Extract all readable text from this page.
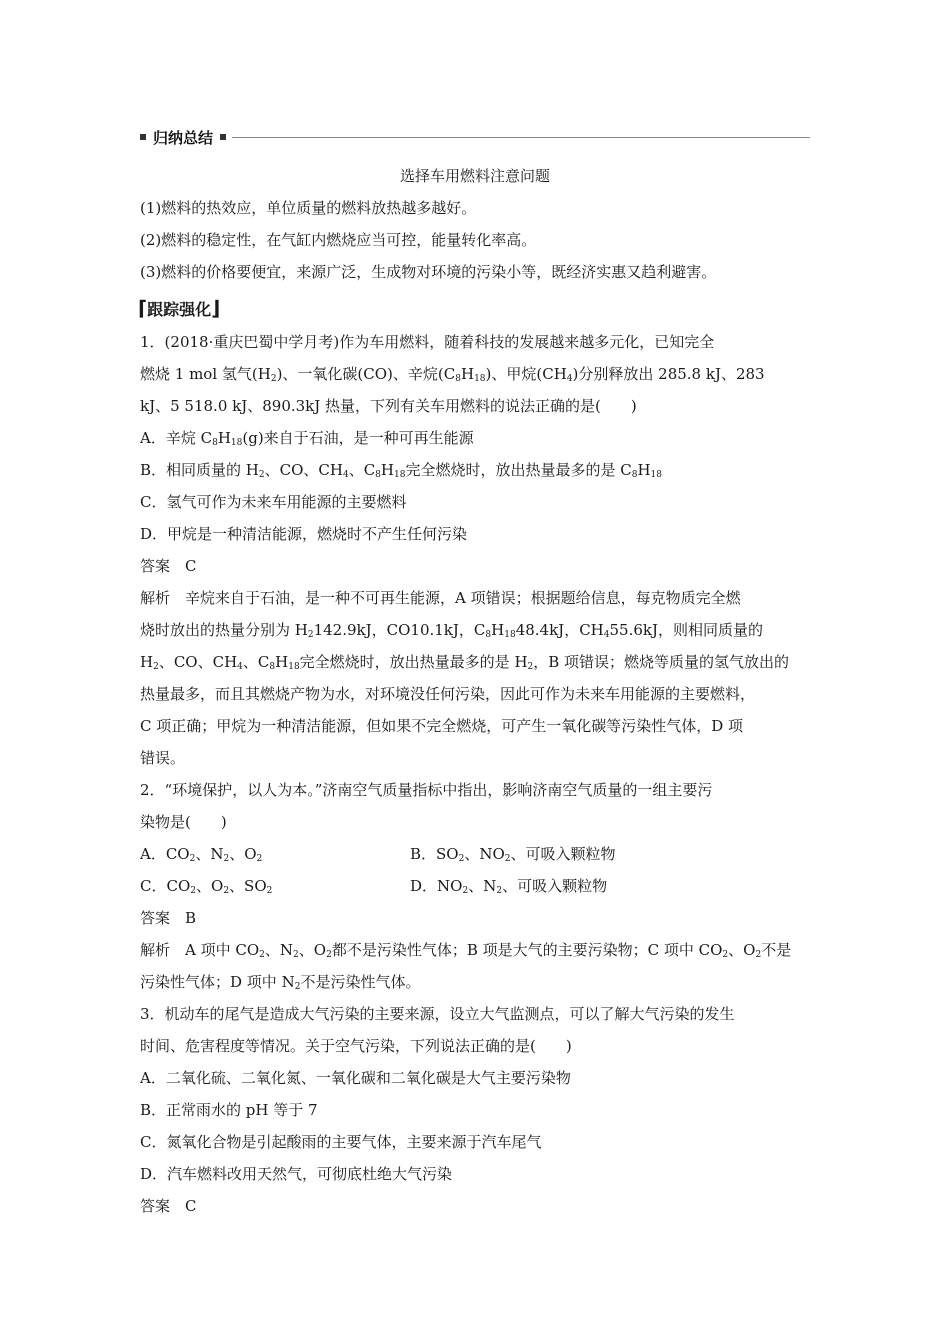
归纳总结
选择车用燃料注意问题
(1)燃料的热效应，单位质量的燃料放热越多越好。
(2)燃料的稳定性，在气缸内燃烧应当可控，能量转化率高。
(3)燃料的价格要便宜，来源广泛，生成物对环境的污染小等，既经济实惠又趋利避害。
⌈跟踪强化⌋
1．(2018·重庆巴蜀中学月考)作为车用燃料，随着科技的发展越来越多元化，已知完全
燃烧 1 mol 氢气$(H_2)$、一氧化碳(CO)、辛烷$(C_8H_{18})$、甲烷$(CH_4)$分别释放出 285.8 kJ、283
kJ、5 518.0 kJ、890.3kJ 热量，下列有关车用燃料的说法正确的是(　　)
A．辛烷 $C_8H_{18}(g)$来自于石油，是一种可再生能源
B．相同质量的 $H_2$、CO、$CH_4$、$C_8H_{18}$完全燃烧时，放出热量最多的是 $C_8H_{18}$
C．氢气可作为未来车用能源的主要燃料
D．甲烷是一种清洁能源，燃烧时不产生任何污染
答案　C
解析　辛烷来自于石油，是一种不可再生能源，A 项错误；根据题给信息，每克物质完全燃
烧时放出的热量分别为 $H_2142.9kJ$，CO10.1kJ，$C_8H_{18}48.4kJ$，$CH_455.6kJ$，则相同质量的
$H_2$、CO、$CH_4$、$C_8H_{18}$完全燃烧时，放出热量最多的是 $H_2$，B 项错误；燃烧等质量的氢气放出的
热量最多，而且其燃烧产物为水，对环境没任何污染，因此可作为未来车用能源的主要燃料，
C 项正确；甲烷为一种清洁能源，但如果不完全燃烧，可产生一氧化碳等污染性气体，D 项
错误。
2．“环境保护，以人为本。”济南空气质量指标中指出，影响济南空气质量的一组主要污
染物是(　　)
A．$CO_2$、$N_2$、$O_2$	B．$SO_2$、$NO_2$、可吸入颗粒物
C．$CO_2$、$O_2$、$SO_2$	D．$NO_2$、$N_2$、可吸入颗粒物
答案　B
解析　A 项中 $CO_2$、$N_2$、$O_2$都不是污染性气体；B 项是大气的主要污染物；C 项中 $CO_2$、$O_2$不是
污染性气体；D 项中 $N_2$不是污染性气体。
3．机动车的尾气是造成大气污染的主要来源，设立大气监测点，可以了解大气污染的发生
时间、危害程度等情况。关于空气污染，下列说法正确的是(　　)
A．二氧化硫、二氧化氮、一氧化碳和二氧化碳是大气主要污染物
B．正常雨水的 pH 等于 7
C．氮氧化合物是引起酸雨的主要气体，主要来源于汽车尾气
D．汽车燃料改用天然气，可彻底杜绝大气污染
答案　C
